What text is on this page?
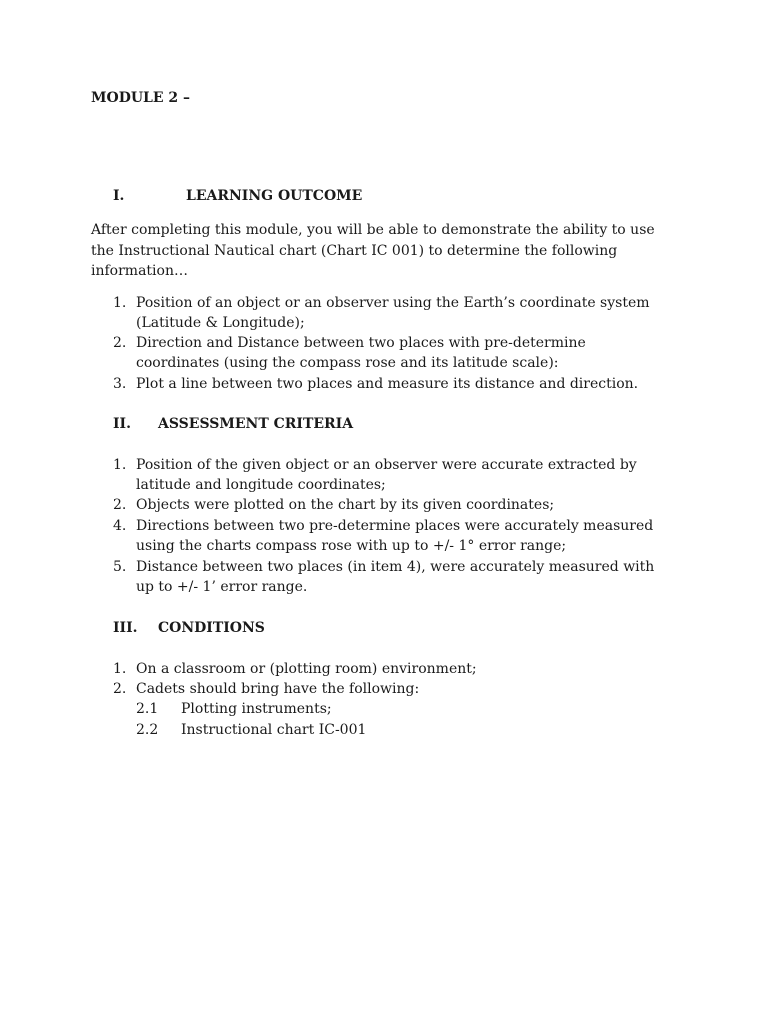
MODULE 2 –
I.	LEARNING OUTCOME
After completing this module, you will be able to demonstrate the ability to use
the Instructional Nautical chart (Chart IC 001) to determine the following
information…
1. Position of an object or an observer using the Earth’s coordinate system
(Latitude & Longitude);
2. Direction and Distance between two places with pre-determine
coordinates (using the compass rose and its latitude scale):
3. Plot a line between two places and measure its distance and direction.
II. ASSESSMENT CRITERIA
1. Position of the given object or an observer were accurate extracted by
latitude and longitude coordinates;
2. Objects were plotted on the chart by its given coordinates;
4. Directions between two pre-determine places were accurately measured
using the charts compass rose with up to +/- 1° error range;
5. Distance between two places (in item 4), were accurately measured with
up to +/- 1’ error range.
III. CONDITIONS
1. On a classroom or (plotting room) environment;
2. Cadets should bring have the following:
2.1 Plotting instruments;
2.2 Instructional chart IC-001
